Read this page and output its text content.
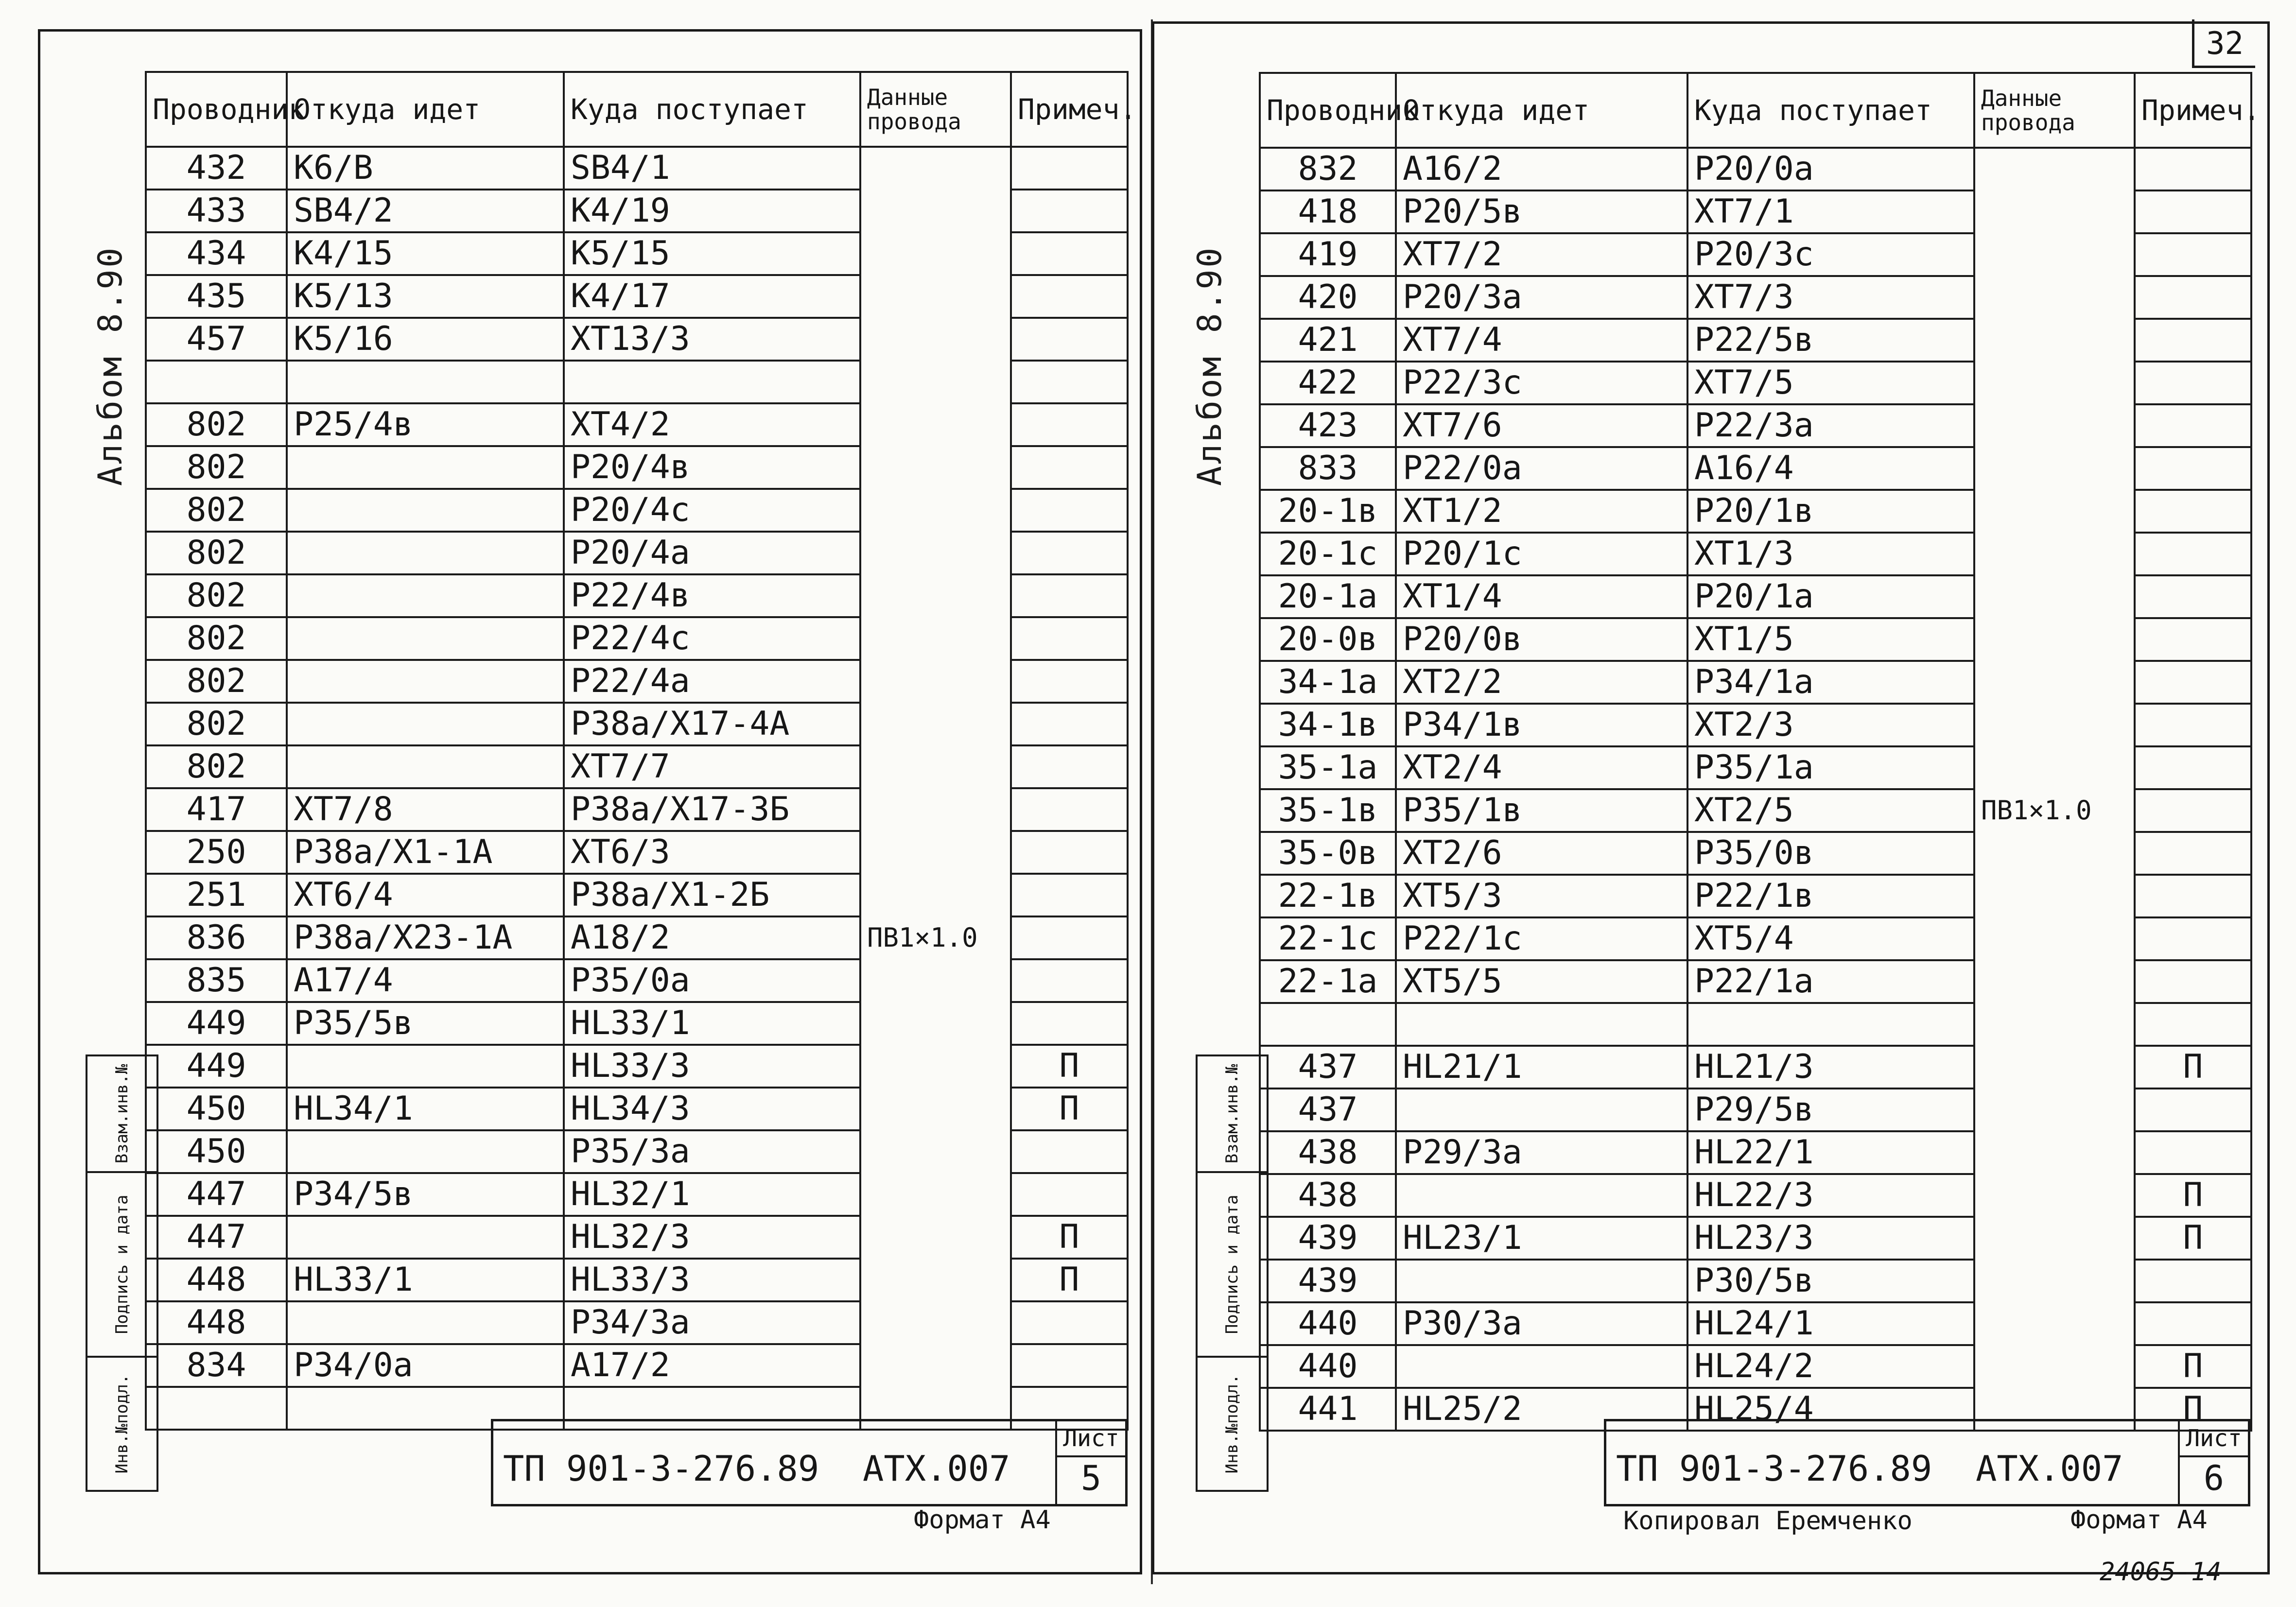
Альбом 8.90
Проводник	Откуда идет	Куда поступает	Данные провода	Примеч.
432	К6/В	SB4/1		
433	SB4/2	К4/19		
434	К4/15	К5/15		
435	К5/13	К4/17		
457	К5/16	ХТ13/3		

802	Р25/4в	ХТ4/2		
802		Р20/4в		
802		Р20/4с		
802		Р20/4а		
802		Р22/4в		
802		Р22/4с		
802		Р22/4а		
802		Р38а/Х17-4А		
802		ХТ7/7		
417	ХТ7/8	Р38а/Х17-3Б		
250	Р38а/Х1-1А	ХТ6/3		
251	ХТ6/4	Р38а/Х1-2Б		
836	Р38а/Х23-1А	А18/2	ПВ1×1.0	
835	А17/4	Р35/0а		
449	Р35/5в	HL33/1		
449		HL33/3		П
450	HL34/1	HL34/3		П
450		Р35/3а		
447	Р34/5в	HL32/1		
447		HL32/3		П
448	HL33/1	HL33/3		П
448		Р34/3а		
834	Р34/0а	А17/2		

Взам.инв.№
Подпись и дата
Инв.№подл.	ТП 901-3-276.89 АТХ.007
Лист
5
Формат А4
32
Альбом 8.90
Проводник	Откуда идет	Куда поступает	Данные провода	Примеч.
832	А16/2	Р20/0а		
418	Р20/5в	ХТ7/1		
419	ХТ7/2	Р20/3с		
420	Р20/3а	ХТ7/3		
421	ХТ7/4	Р22/5в		
422	Р22/3с	ХТ7/5		
423	ХТ7/6	Р22/3а		
833	Р22/0а	А16/4		
20-1в	ХТ1/2	Р20/1в		
20-1с	Р20/1с	ХТ1/3		
20-1а	ХТ1/4	Р20/1а		
20-0в	Р20/0в	ХТ1/5		
34-1а	ХТ2/2	Р34/1а		
34-1в	Р34/1в	ХТ2/3		
35-1а	ХТ2/4	Р35/1а		
35-1в	Р35/1в	ХТ2/5	ПВ1×1.0	
35-0в	ХТ2/6	Р35/0в		
22-1в	ХТ5/3	Р22/1в		
22-1с	Р22/1с	ХТ5/4		
22-1а	ХТ5/5	Р22/1а		

437	HL21/1	HL21/3		П
437		Р29/5в		
438	Р29/3а	HL22/1		
438		HL22/3		П
439	HL23/1	HL23/3		П
439		Р30/5в		
440	Р30/3а	HL24/1		
440		HL24/2		П
441	HL25/2	HL25/4		П
Взам.инв.№
Подпись и дата
Инв.№подл.	ТП 901-3-276.89 АТХ.007
Лист
6
Копировал Еремченко	Формат А4
24065-14
